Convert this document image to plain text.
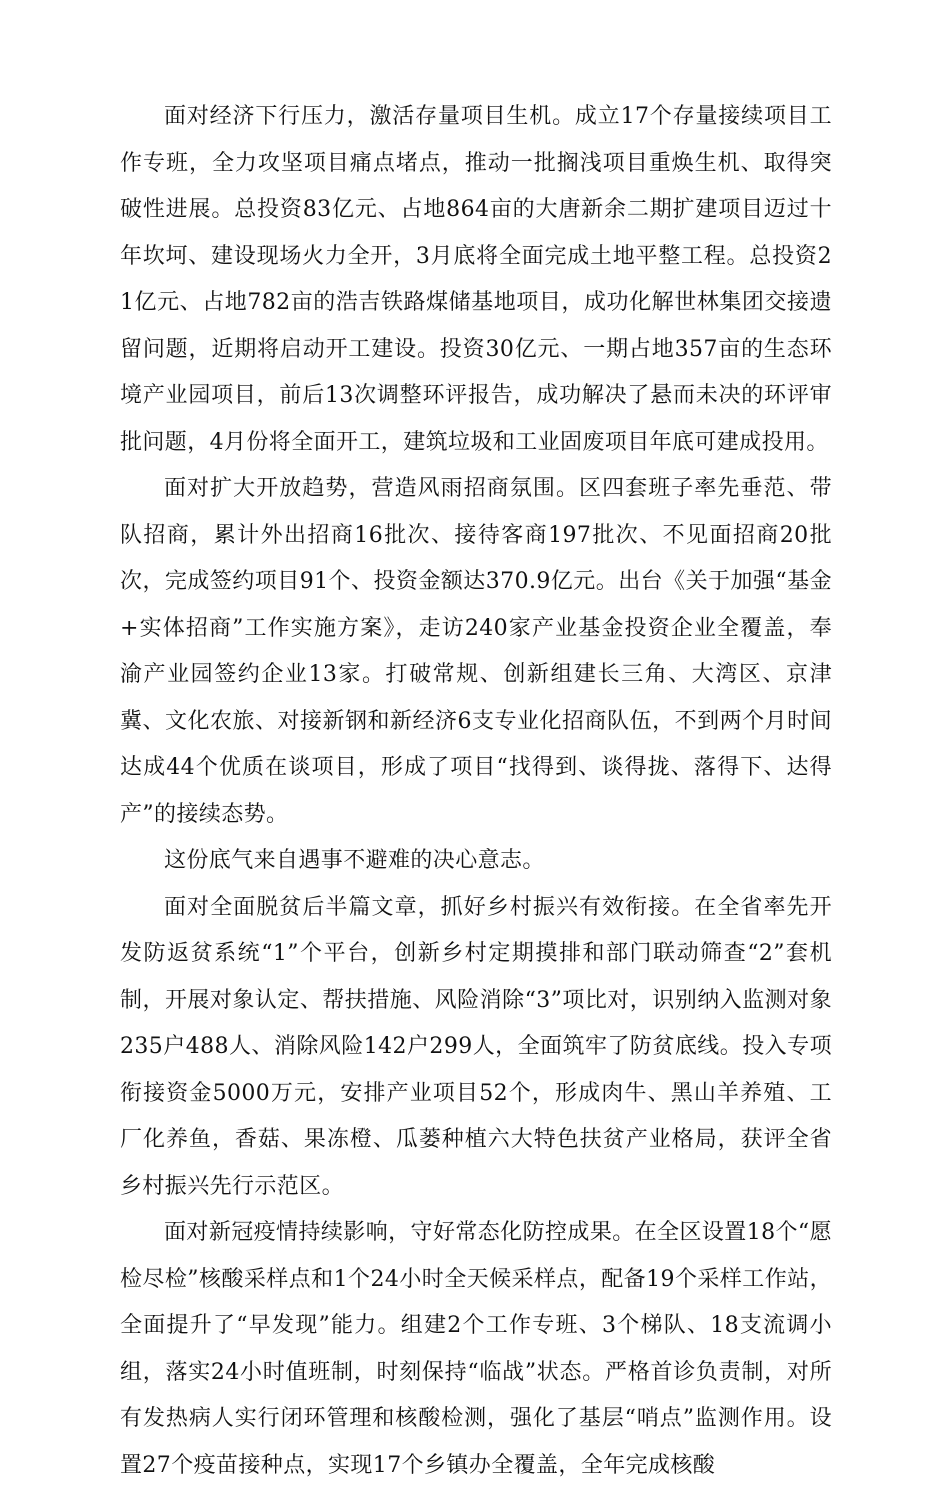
面对经济下行压力，激活存量项目生机。成立17个存量接续项目工作专班，全力攻坚项目痛点堵点，推动一批搁浅项目重焕生机、取得突破性进展。总投资83亿元、占地864亩的大唐新余二期扩建项目迈过十年坎坷、建设现场火力全开，3月底将全面完成土地平整工程。总投资21亿元、占地782亩的浩吉铁路煤储基地项目，成功化解世林集团交接遗留问题，近期将启动开工建设。投资30亿元、一期占地357亩的生态环境产业园项目，前后13次调整环评报告，成功解决了悬而未决的环评审批问题，4月份将全面开工，建筑垃圾和工业固废项目年底可建成投用。

面对扩大开放趋势，营造风雨招商氛围。区四套班子率先垂范、带队招商，累计外出招商16批次、接待客商197批次、不见面招商20批次，完成签约项目91个、投资金额达370.9亿元。出台《关于加强“基金+实体招商”工作实施方案》，走访240家产业基金投资企业全覆盖，奉渝产业园签约企业13家。打破常规、创新组建长三角、大湾区、京津冀、文化农旅、对接新钢和新经济6支专业化招商队伍，不到两个月时间达成44个优质在谈项目，形成了项目“找得到、谈得拢、落得下、达得产”的接续态势。

这份底气来自遇事不避难的决心意志。

面对全面脱贫后半篇文章，抓好乡村振兴有效衔接。在全省率先开发防返贫系统“1”个平台，创新乡村定期摸排和部门联动筛查“2”套机制，开展对象认定、帮扶措施、风险消除“3”项比对，识别纳入监测对象235户488人、消除风险142户299人，全面筑牢了防贫底线。投入专项衔接资金5000万元，安排产业项目52个，形成肉牛、黑山羊养殖、工厂化养鱼，香菇、果冻橙、瓜蒌种植六大特色扶贫产业格局，获评全省乡村振兴先行示范区。

面对新冠疫情持续影响，守好常态化防控成果。在全区设置18个“愿检尽检”核酸采样点和1个24小时全天候采样点，配备19个采样工作站，全面提升了“早发现”能力。组建2个工作专班、3个梯队、18支流调小组，落实24小时值班制，时刻保持“临战”状态。严格首诊负责制，对所有发热病人实行闭环管理和核酸检测，强化了基层“哨点”监测作用。设置27个疫苗接种点，实现17个乡镇办全覆盖，全年完成核酸
